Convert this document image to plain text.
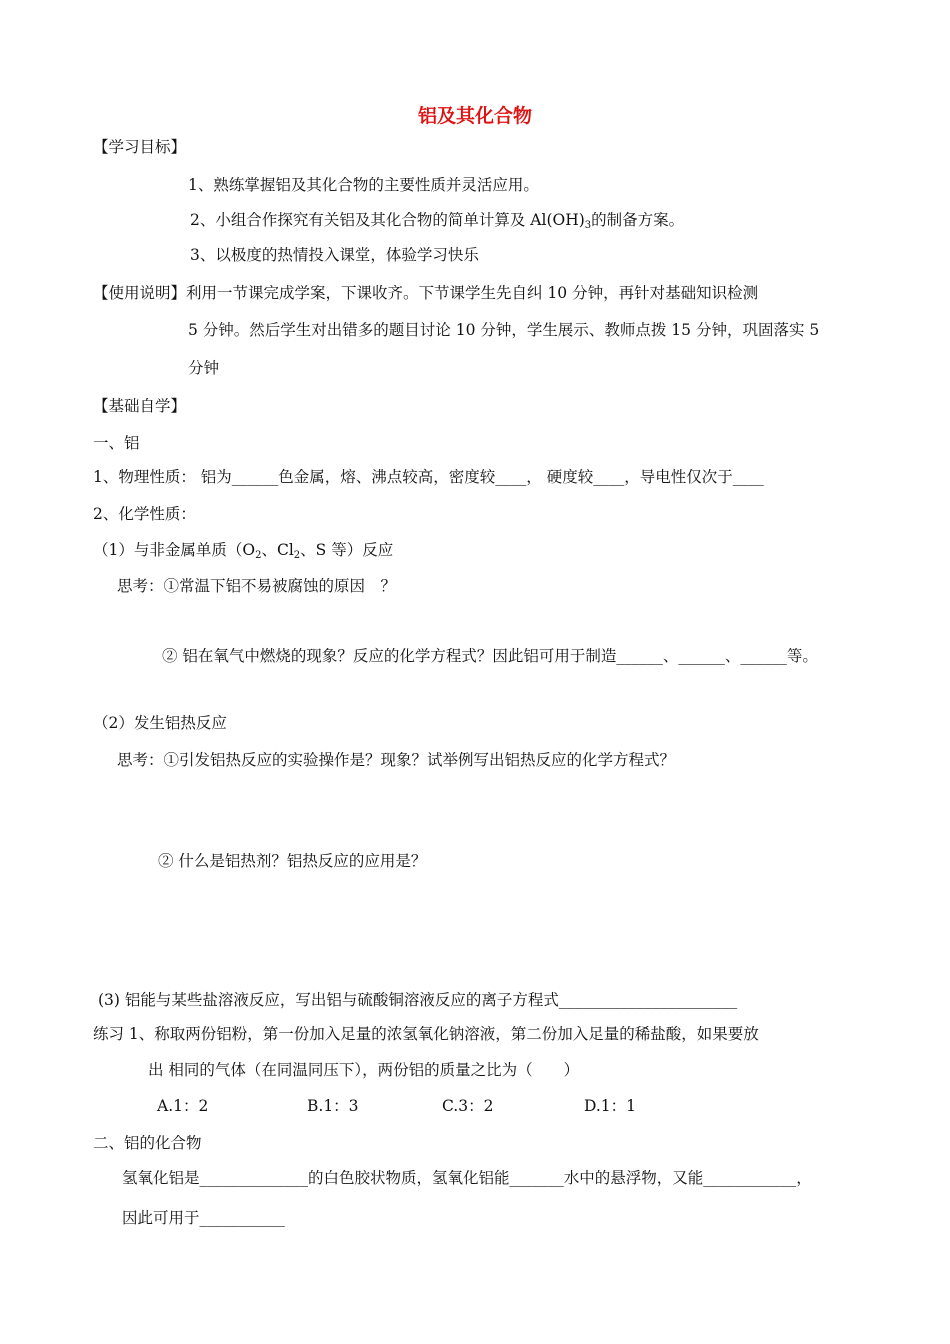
铝及其化合物
【学习目标】
1、熟练掌握铝及其化合物的主要性质并灵活应用。
2、小组合作探究有关铝及其化合物的简单计算及 $Al(OH)_3$的制备方案。
3、以极度的热情投入课堂，体验学习快乐
【使用说明】利用一节课完成学案，下课收齐。下节课学生先自纠 10 分钟，再针对基础知识检测
5 分钟。然后学生对出错多的题目讨论 10 分钟，学生展示、教师点拨 15 分钟，巩固落实 5
分钟
【基础自学】
一、铝
1、物理性质： 铝为______色金属，熔、沸点较高，密度较____， 硬度较____，导电性仅次于____
2、化学性质：
（1）与非金属单质（$O_2$、$Cl_2$、S 等）反应
思考：①常温下铝不易被腐蚀的原因　？
② 铝在氧气中燃烧的现象？反应的化学方程式？因此铝可用于制造______、______、______等。
（2）发生铝热反应
思考：①引发铝热反应的实验操作是？现象？试举例写出铝热反应的化学方程式？
② 什么是铝热剂？铝热反应的应用是？
(3) 铝能与某些盐溶液反应，写出铝与硫酸铜溶液反应的离子方程式_______________________
练习 1、称取两份铝粉，第一份加入足量的浓氢氧化钠溶液，第二份加入足量的稀盐酸，如果要放
出 相同的气体（在同温同压下），两份铝的质量之比为（　　）
A.1：2	B.1：3	C.3：2	D.1：1
二、铝的化合物
氢氧化铝是______________的白色胶状物质，氢氧化铝能_______水中的悬浮物，又能____________，
因此可用于___________
